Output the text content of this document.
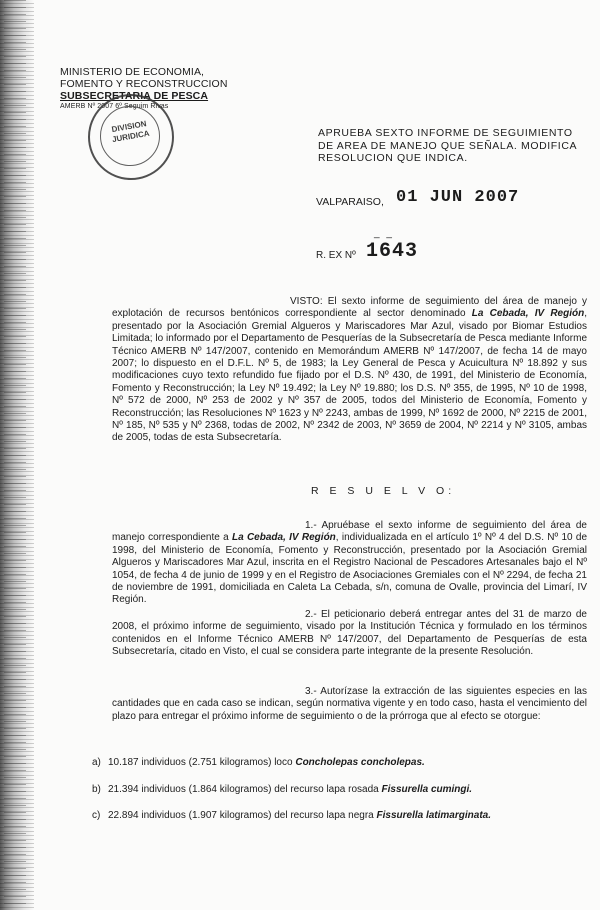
MINISTERIO DE ECONOMIA,
FOMENTO Y RECONSTRUCCION
SUBSECRETARIA DE PESCA
AMERB Nº 2007 6º Seguim Rivas
DIVISION JURIDICA	APRUEBA SEXTO INFORME DE SEGUIMIENTO DE AREA DE MANEJO QUE SEÑALA. MODIFICA RESOLUCION QUE INDICA.
VALPARAISO, 01 JUN 2007
_ _
R. EX Nº 1643
VISTO: El sexto informe de seguimiento del área de manejo y explotación de recursos bentónicos correspondiente al sector denominado La Cebada, IV Región, presentado por la Asociación Gremial Algueros y Mariscadores Mar Azul, visado por Biomar Estudios Limitada; lo informado por el Departamento de Pesquerías de la Subsecretaría de Pesca mediante Informe Técnico AMERB Nº 147/2007, contenido en Memorándum AMERB Nº 147/2007, de fecha 14 de mayo 2007; lo dispuesto en el D.F.L. Nº 5, de 1983; la Ley General de Pesca y Acuicultura Nº 18.892 y sus modificaciones cuyo texto refundido fue fijado por el D.S. Nº 430, de 1991, del Ministerio de Economía, Fomento y Reconstrucción; la Ley Nº 19.492; la Ley Nº 19.880; los D.S. Nº 355, de 1995, Nº 10 de 1998, Nº 572 de 2000, Nº 253 de 2002 y Nº 357 de 2005, todos del Ministerio de Economía, Fomento y Reconstrucción; las Resoluciones Nº 1623 y Nº 2243, ambas de 1999, Nº 1692 de 2000, Nº 2215 de 2001, Nº 185, Nº 535 y Nº 2368, todas de 2002, Nº 2342 de 2003, Nº 3659 de 2004, Nº 2214 y Nº 3105, ambas de 2005, todas de esta Subsecretaría.
R E S U E L V O:
1.- Apruébase el sexto informe de seguimiento del área de manejo correspondiente a La Cebada, IV Región, individualizada en el artículo 1º Nº 4 del D.S. Nº 10 de 1998, del Ministerio de Economía, Fomento y Reconstrucción, presentado por la Asociación Gremial Algueros y Mariscadores Mar Azul, inscrita en el Registro Nacional de Pescadores Artesanales bajo el Nº 1054, de fecha 4 de junio de 1999 y en el Registro de Asociaciones Gremiales con el Nº 2294, de fecha 21 de noviembre de 1991, domiciliada en Caleta La Cebada, s/n, comuna de Ovalle, provincia del Limarí, IV Región.
2.- El peticionario deberá entregar antes del 31 de marzo de 2008, el próximo informe de seguimiento, visado por la Institución Técnica y formulado en los términos contenidos en el Informe Técnico AMERB Nº 147/2007, del Departamento de Pesquerías de esta Subsecretaría, citado en Visto, el cual se considera parte integrante de la presente Resolución.
3.- Autorízase la extracción de las siguientes especies en las cantidades que en cada caso se indican, según normativa vigente y en todo caso, hasta el vencimiento del plazo para entregar el próximo informe de seguimiento o de la prórroga que al efecto se otorgue:
a) 10.187 individuos (2.751 kilogramos) loco Concholepas concholepas.
b) 21.394 individuos (1.864 kilogramos) del recurso lapa rosada Fissurella cumingi.
c) 22.894 individuos (1.907 kilogramos) del recurso lapa negra Fissurella latimarginata.
